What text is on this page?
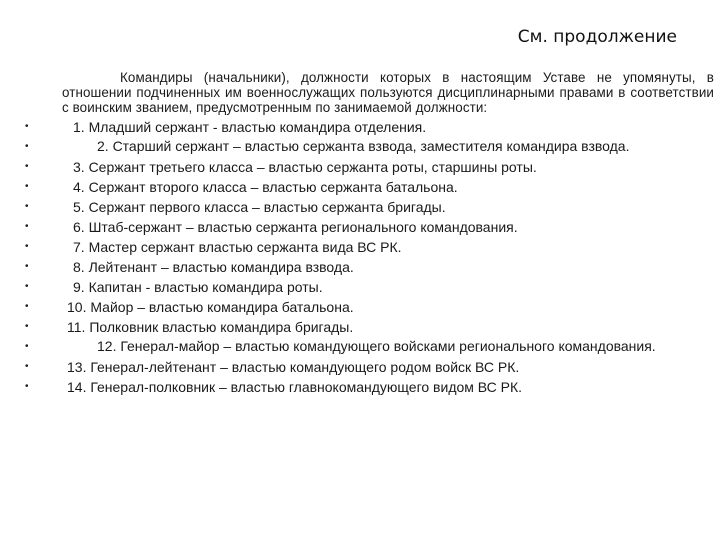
См. продолжение

Командиры (начальники), должности которых в настоящим Уставе не упомянуты, в отношении подчиненных им военнослужащих пользуются дисциплинарными правами в соответствии с воинским званием, предусмотренным по занимаемой должности:

•	1. Младший сержант - властью командира отделения.
•	2. Старший сержант – властью сержанта взвода, заместителя командира взвода.
•	3. Сержант третьего класса – властью сержанта роты, старшины роты.
•	4. Сержант второго класса – властью сержанта батальона.
•	5. Сержант первого класса – властью сержанта бригады.
•	6. Штаб-сержант – властью сержанта регионального командования.
•	7. Мастер сержант властью сержанта вида ВС РК.
•	8. Лейтенант – властью командира взвода.
•	9. Капитан - властью командира роты.
•	10. Майор – властью командира батальона.
•	11. Полковник властью командира бригады.
•	12. Генерал-майор – властью командующего войсками регионального командования.
•	13. Генерал-лейтенант – властью командующего родом войск ВС РК.
•	14. Генерал-полковник – властью главнокомандующего видом ВС РК.
